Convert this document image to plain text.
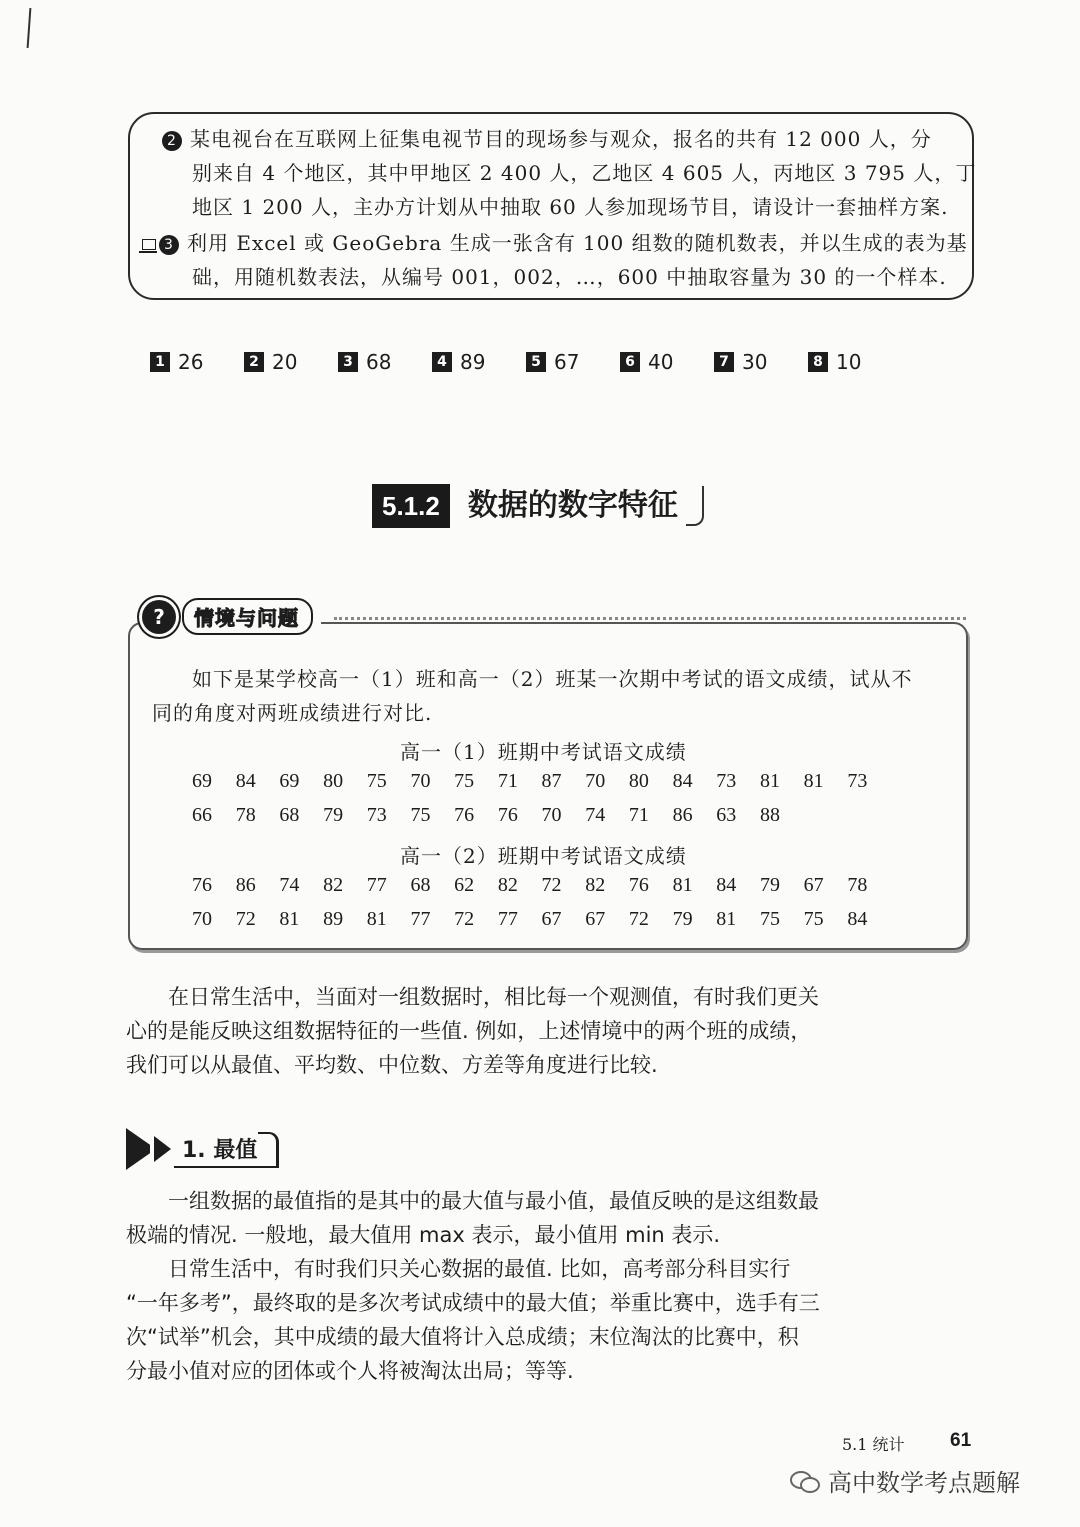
2 某电视台在互联网上征集电视节目的现场参与观众，报名的共有 12 000 人，分
别来自 4 个地区，其中甲地区 2 400 人，乙地区 4 605 人，丙地区 3 795 人，丁
地区 1 200 人，主办方计划从中抽取 60 人参加现场节目，请设计一套抽样方案.
3 利用 Excel 或 GeoGebra 生成一张含有 100 组数的随机数表，并以生成的表为基
础，用随机数表法，从编号 001，002，…，600 中抽取容量为 30 的一个样本.
1 26	2 20	3 68	4 89	5 67	6 40	7 30	8 10
5.1.2 数据的数字特征
?	情境与问题
如下是某学校高一（1）班和高一（2）班某一次期中考试的语文成绩，试从不
同的角度对两班成绩进行对比.
高一（1）班期中考试语文成绩
69	84	69	80	75	70	75	71	87	70	80	84	73	81	81	73
66	78	68	79	73	75	76	76	70	74	71	86	63	88
高一（2）班期中考试语文成绩
76	86	74	82	77	68	62	82	72	82	76	81	84	79	67	78
70	72	81	89	81	77	72	77	67	67	72	79	81	75	75	84
在日常生活中，当面对一组数据时，相比每一个观测值，有时我们更关
心的是能反映这组数据特征的一些值. 例如，上述情境中的两个班的成绩，
我们可以从最值、平均数、中位数、方差等角度进行比较.
1. 最值
一组数据的最值指的是其中的最大值与最小值，最值反映的是这组数最
极端的情况. 一般地，最大值用 max 表示，最小值用 min 表示.
日常生活中，有时我们只关心数据的最值. 比如，高考部分科目实行
“一年多考”，最终取的是多次考试成绩中的最大值；举重比赛中，选手有三
次“试举”机会，其中成绩的最大值将计入总成绩；末位淘汰的比赛中，积
分最小值对应的团体或个人将被淘汰出局；等等.
5.1 统计 61
高中数学考点题解
